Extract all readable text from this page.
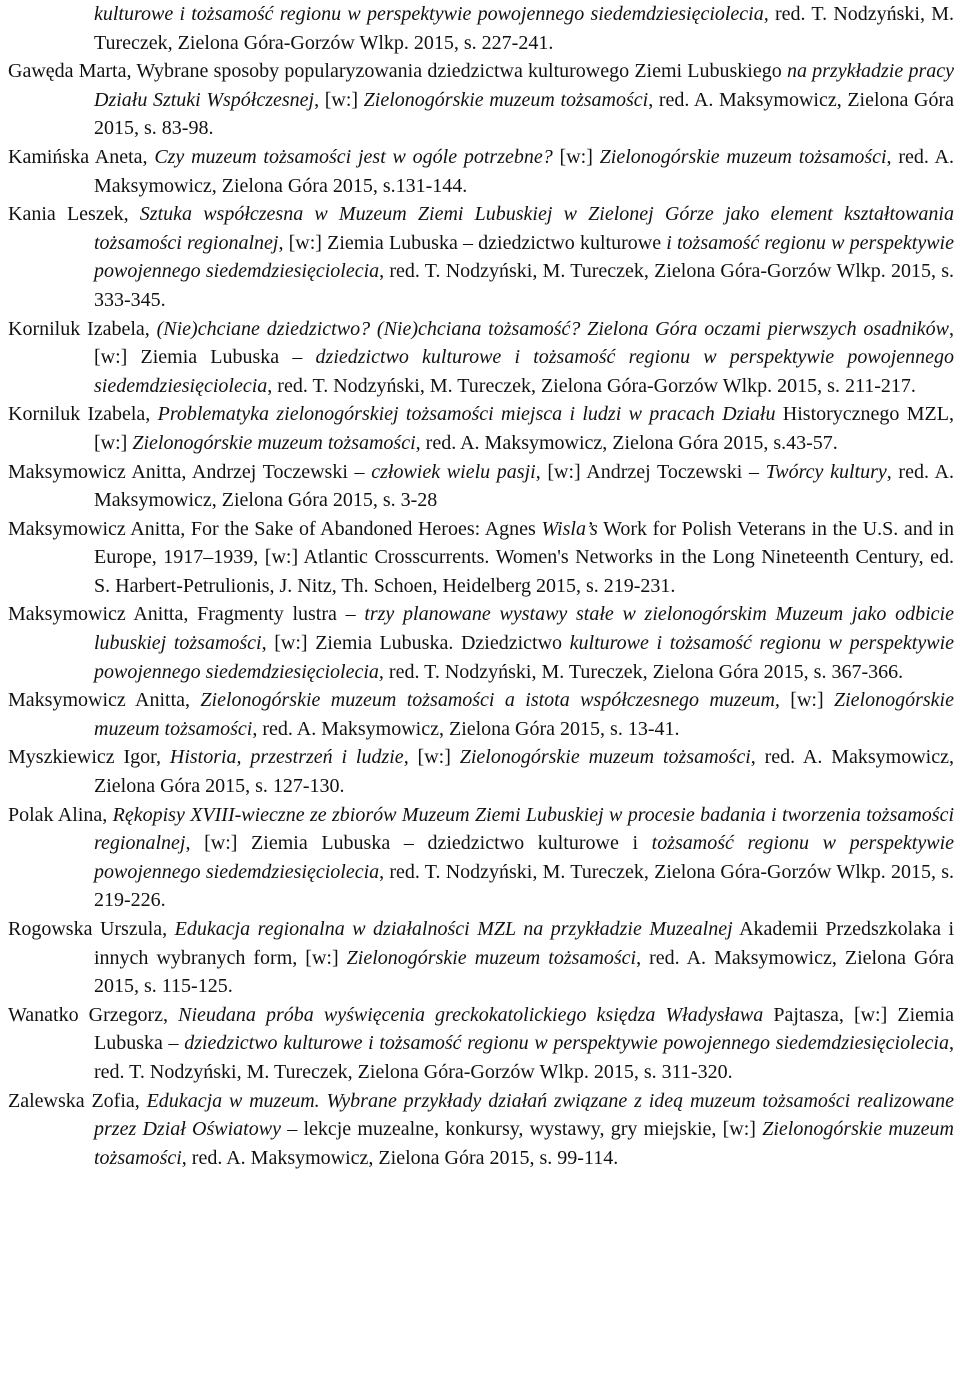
kulturowe i tożsamość regionu w perspektywie powojennego siedemdziesięciolecia, red. T. Nodzyński, M. Tureczek, Zielona Góra-Gorzów Wlkp. 2015, s. 227-241.

Gawęda Marta, Wybrane sposoby popularyzowania dziedzictwa kulturowego Ziemi Lubuskiego na przykładzie pracy Działu Sztuki Współczesnej, [w:] Zielonogórskie muzeum tożsamości, red. A. Maksymowicz, Zielona Góra 2015, s. 83-98.

Kamińska Aneta, Czy muzeum tożsamości jest w ogóle potrzebne? [w:] Zielonogórskie muzeum tożsamości, red. A. Maksymowicz, Zielona Góra 2015, s.131-144.

Kania Leszek, Sztuka współczesna w Muzeum Ziemi Lubuskiej w Zielonej Górze jako element kształtowania tożsamości regionalnej, [w:] Ziemia Lubuska – dziedzictwo kulturowe i tożsamość regionu w perspektywie powojennego siedemdziesięciolecia, red. T. Nodzyński, M. Tureczek, Zielona Góra-Gorzów Wlkp. 2015, s. 333-345.

Korniluk Izabela, (Nie)chciane dziedzictwo? (Nie)chciana tożsamość? Zielona Góra oczami pierwszych osadników, [w:] Ziemia Lubuska – dziedzictwo kulturowe i tożsamość regionu w perspektywie powojennego siedemdziesięciolecia, red. T. Nodzyński, M. Tureczek, Zielona Góra-Gorzów Wlkp. 2015, s. 211-217.

Korniluk Izabela, Problematyka zielonogórskiej tożsamości miejsca i ludzi w pracach Działu Historycznego MZL, [w:] Zielonogórskie muzeum tożsamości, red. A. Maksymowicz, Zielona Góra 2015, s.43-57.

Maksymowicz Anitta, Andrzej Toczewski – człowiek wielu pasji, [w:] Andrzej Toczewski – Twórcy kultury, red. A. Maksymowicz, Zielona Góra 2015, s. 3-28

Maksymowicz Anitta, For the Sake of Abandoned Heroes: Agnes Wisla’s Work for Polish Veterans in the U.S. and in Europe, 1917–1939, [w:] Atlantic Crosscurrents. Women's Networks in the Long Nineteenth Century, ed. S. Harbert-Petrulionis, J. Nitz, Th. Schoen, Heidelberg 2015, s. 219-231.

Maksymowicz Anitta, Fragmenty lustra – trzy planowane wystawy stałe w zielonogórskim Muzeum jako odbicie lubuskiej tożsamości, [w:] Ziemia Lubuska. Dziedzictwo kulturowe i tożsamość regionu w perspektywie powojennego siedemdziesięciolecia, red. T. Nodzyński, M. Tureczek, Zielona Góra 2015, s. 367-366.

Maksymowicz Anitta, Zielonogórskie muzeum tożsamości a istota współczesnego muzeum, [w:] Zielonogórskie muzeum tożsamości, red. A. Maksymowicz, Zielona Góra 2015, s. 13-41.

Myszkiewicz Igor, Historia, przestrzeń i ludzie, [w:] Zielonogórskie muzeum tożsamości, red. A. Maksymowicz, Zielona Góra 2015, s. 127-130.

Polak Alina, Rękopisy XVIII-wieczne ze zbiorów Muzeum Ziemi Lubuskiej w procesie badania i tworzenia tożsamości regionalnej, [w:] Ziemia Lubuska – dziedzictwo kulturowe i tożsamość regionu w perspektywie powojennego siedemdziesięciolecia, red. T. Nodzyński, M. Tureczek, Zielona Góra-Gorzów Wlkp. 2015, s. 219-226.

Rogowska Urszula, Edukacja regionalna w działalności MZL na przykładzie Muzealnej Akademii Przedszkolaka i innych wybranych form, [w:] Zielonogórskie muzeum tożsamości, red. A. Maksymowicz, Zielona Góra 2015, s. 115-125.

Wanatko Grzegorz, Nieudana próba wyświęcenia greckokatolickiego księdza Władysława Pajtasza, [w:] Ziemia Lubuska – dziedzictwo kulturowe i tożsamość regionu w perspektywie powojennego siedemdziesięciolecia, red. T. Nodzyński, M. Tureczek, Zielona Góra-Gorzów Wlkp. 2015, s. 311-320.

Zalewska Zofia, Edukacja w muzeum. Wybrane przykłady działań związane z ideą muzeum tożsamości realizowane przez Dział Oświatowy – lekcje muzealne, konkursy, wystawy, gry miejskie, [w:] Zielonogórskie muzeum tożsamości, red. A. Maksymowicz, Zielona Góra 2015, s. 99-114.
